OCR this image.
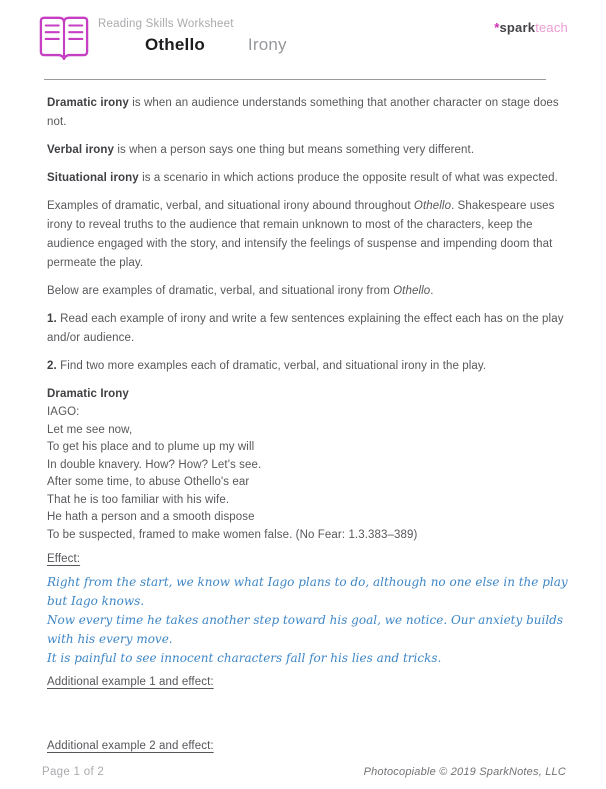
Reading Skills Worksheet
Othello	Irony
*sparkteach

Dramatic irony is when an audience understands something that another character on stage does not.

Verbal irony is when a person says one thing but means something very different.

Situational irony is a scenario in which actions produce the opposite result of what was expected.

Examples of dramatic, verbal, and situational irony abound throughout Othello. Shakespeare uses irony to reveal truths to the audience that remain unknown to most of the characters, keep the audience engaged with the story, and intensify the feelings of suspense and impending doom that permeate the play.

Below are examples of dramatic, verbal, and situational irony from Othello.

1. Read each example of irony and write a few sentences explaining the effect each has on the play and/or audience.

2. Find two more examples each of dramatic, verbal, and situational irony in the play.

Dramatic Irony
IAGO:
Let me see now,
To get his place and to plume up my will
In double knavery. How? How? Let's see.
After some time, to abuse Othello's ear
That he is too familiar with his wife.
He hath a person and a smooth dispose
To be suspected, framed to make women false. (No Fear: 1.3.383–389)
Effect:
Right from the start, we know what Iago plans to do, although no one else in the play but Iago knows.
Now every time he takes another step toward his goal, we notice. Our anxiety builds with his every move.
It is painful to see innocent characters fall for his lies and tricks.
Additional example 1 and effect:
Additional example 2 and effect:
Page 1 of 2	Photocopiable © 2019 SparkNotes, LLC
